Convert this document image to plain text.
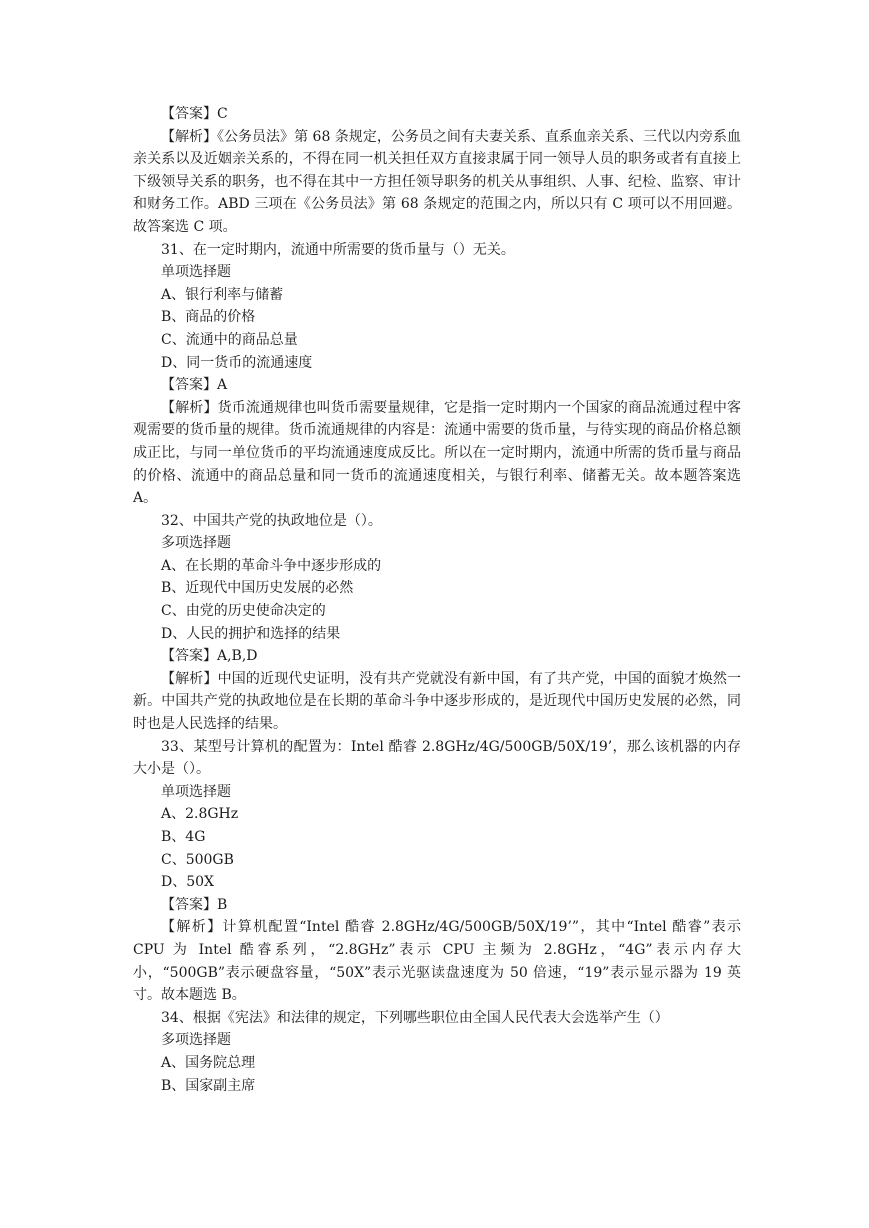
【答案】C

【解析】《公务员法》第 68 条规定，公务员之间有夫妻关系、直系血亲关系、三代以内旁系血亲关系以及近姻亲关系的，不得在同一机关担任双方直接隶属于同一领导人员的职务或者有直接上下级领导关系的职务，也不得在其中一方担任领导职务的机关从事组织、人事、纪检、监察、审计和财务工作。ABD 三项在《公务员法》第 68 条规定的范围之内，所以只有 C 项可以不用回避。故答案选 C 项。

31、在一定时期内，流通中所需要的货币量与（）无关。

单项选择题

A、银行利率与储蓄

B、商品的价格

C、流通中的商品总量

D、同一货币的流通速度

【答案】A

【解析】货币流通规律也叫货币需要量规律，它是指一定时期内一个国家的商品流通过程中客观需要的货币量的规律。货币流通规律的内容是：流通中需要的货币量，与待实现的商品价格总额成正比，与同一单位货币的平均流通速度成反比。所以在一定时期内，流通中所需的货币量与商品的价格、流通中的商品总量和同一货币的流通速度相关，与银行利率、储蓄无关。故本题答案选 A。

32、中国共产党的执政地位是（）。

多项选择题

A、在长期的革命斗争中逐步形成的

B、近现代中国历史发展的必然

C、由党的历史使命决定的

D、人民的拥护和选择的结果

【答案】A,B,D

【解析】中国的近现代史证明，没有共产党就没有新中国，有了共产党，中国的面貌才焕然一新。中国共产党的执政地位是在长期的革命斗争中逐步形成的，是近现代中国历史发展的必然，同时也是人民选择的结果。

33、某型号计算机的配置为：Intel 酷睿 2.8GHz/4G/500GB/50X/19’，那么该机器的内存大小是（）。

单项选择题

A、2.8GHz

B、4G

C、500GB

D、50X

【答案】B

【解析】计算机配置“Intel 酷睿 2.8GHz/4G/500GB/50X/19’”，其中“Intel 酷睿”表示 CPU 为 Intel 酷睿系列，“2.8GHz”表示 CPU 主频为 2.8GHz，“4G”表示内存大小，“500GB”表示硬盘容量，“50X”表示光驱读盘速度为 50 倍速，“19”表示显示器为 19 英寸。故本题选 B。

34、根据《宪法》和法律的规定，下列哪些职位由全国人民代表大会选举产生（）

多项选择题

A、国务院总理

B、国家副主席
